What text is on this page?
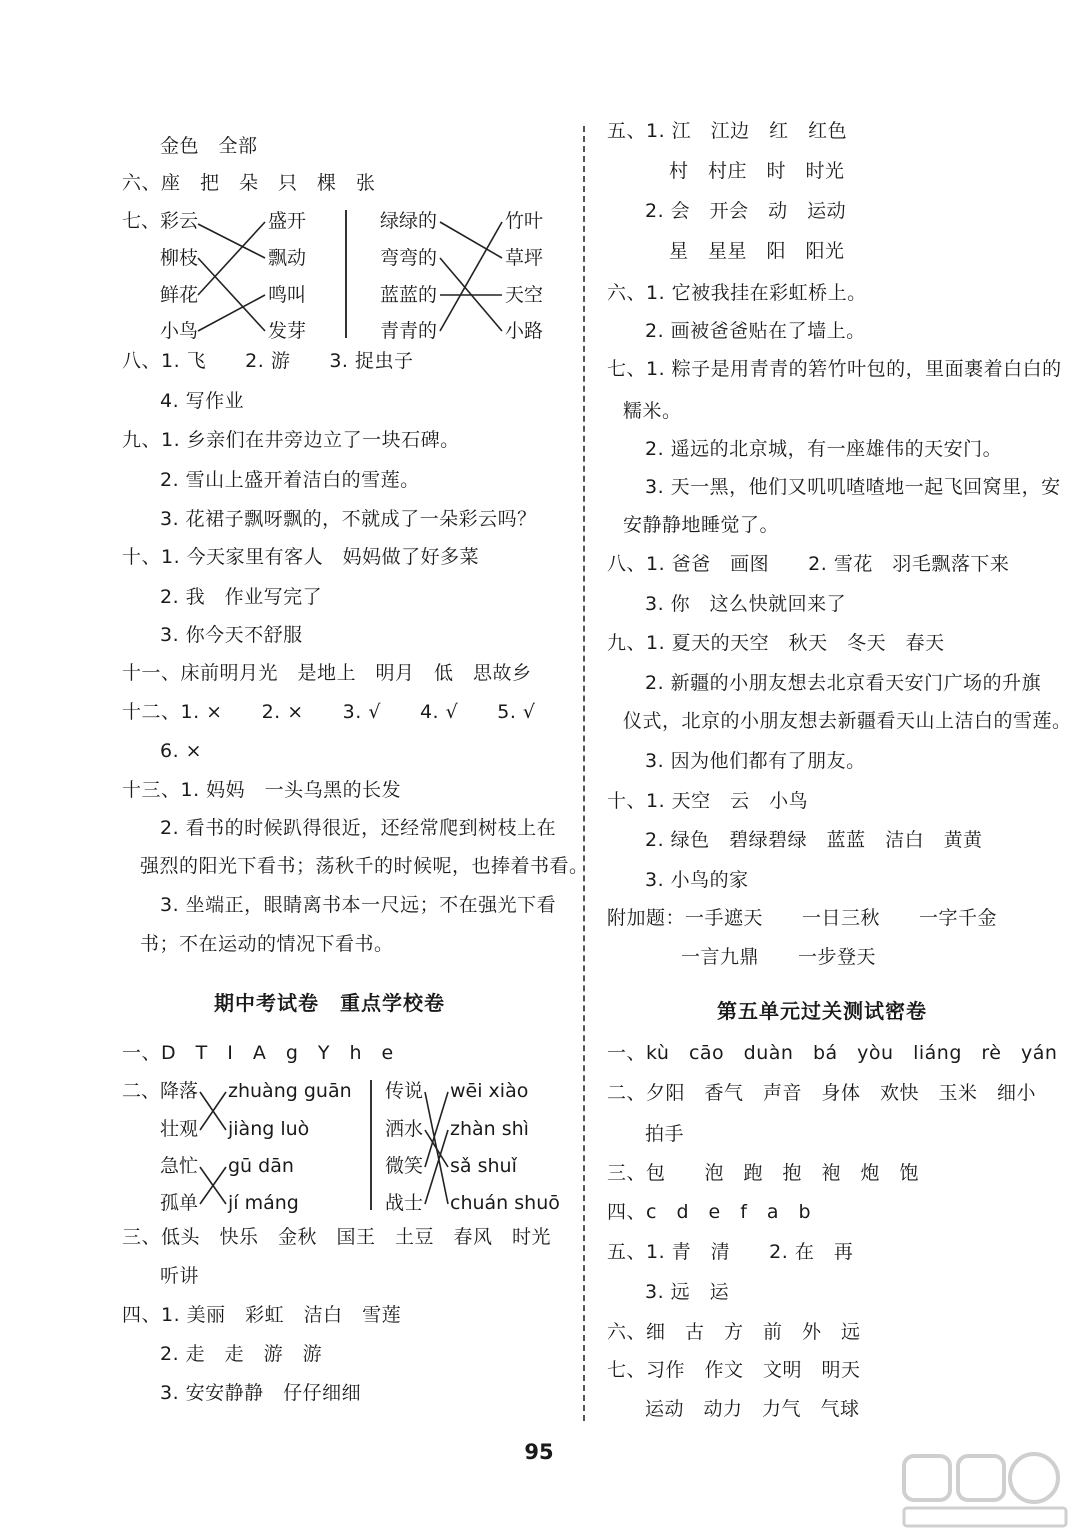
金色　全部
六、座　把　朵　只　棵　张
七、 彩云
柳枝
鲜花
小鸟
盛开
飘动
鸣叫
发芽
绿绿的
弯弯的
蓝蓝的
青青的
竹叶
草坪
天空
小路
八、1. 飞　　2. 游　　3. 捉虫子
4. 写作业
九、1. 乡亲们在井旁边立了一块石碑。
2. 雪山上盛开着洁白的雪莲。
3. 花裙子飘呀飘的，不就成了一朵彩云吗？
十、1. 今天家里有客人　妈妈做了好多菜
2. 我　作业写完了
3. 你今天不舒服
十一、床前明月光　是地上　明月　低　思故乡
十二、1. ×　　2. ×　　3. √　　4. √　　5. √
6. ×
十三、1. 妈妈　一头乌黑的长发
2. 看书的时候趴得很近，还经常爬到树枝上在
强烈的阳光下看书；荡秋千的时候呢，也捧着书看。
3. 坐端正，眼睛离书本一尺远；不在强光下看
书；不在运动的情况下看书。
期中考试卷　重点学校卷
一、D　T　I　A　g　Y　h　e
二、 降落
壮观
急忙
孤单
zhuàng guān
jiàng luò
gū dān
jí máng
传说
洒水
微笑
战士
wēi xiào
zhàn shì
sǎ shuǐ
chuán shuō
三、低头　快乐　金秋　国王　土豆　春风　时光
听讲
四、1. 美丽　彩虹　洁白　雪莲
2. 走　走　游　游
3. 安安静静　仔仔细细
五、1. 江　江边　红　红色
村　村庄　时　时光
2. 会　开会　动　运动
星　星星　阳　阳光
六、1. 它被我挂在彩虹桥上。
2. 画被爸爸贴在了墙上。
七、1. 粽子是用青青的箬竹叶包的，里面裹着白白的
糯米。
2. 遥远的北京城，有一座雄伟的天安门。
3. 天一黑，他们又叽叽喳喳地一起飞回窝里，安
安静静地睡觉了。
八、1. 爸爸　画图　　2. 雪花　羽毛飘落下来
3. 你　这么快就回来了
九、1. 夏天的天空　秋天　冬天　春天
2. 新疆的小朋友想去北京看天安门广场的升旗
仪式，北京的小朋友想去新疆看天山上洁白的雪莲。
3. 因为他们都有了朋友。
十、1. 天空　云　小鸟
2. 绿色　碧绿碧绿　蓝蓝　洁白　黄黄
3. 小鸟的家
附加题：一手遮天　　一日三秋　　一字千金
一言九鼎　　一步登天
第五单元过关测试密卷
一、kù　cāo　duàn　bá　yòu　liáng　rè　yán
二、夕阳　香气　声音　身体　欢快　玉米　细小
拍手
三、包　　泡　跑　抱　袍　炮　饱
四、c　d　e　f　a　b
五、1. 青　清　　2. 在　再
3. 远　运
六、细　古　方　前　外　远
七、习作　作文　文明　明天
运动　动力　力气　气球
95
